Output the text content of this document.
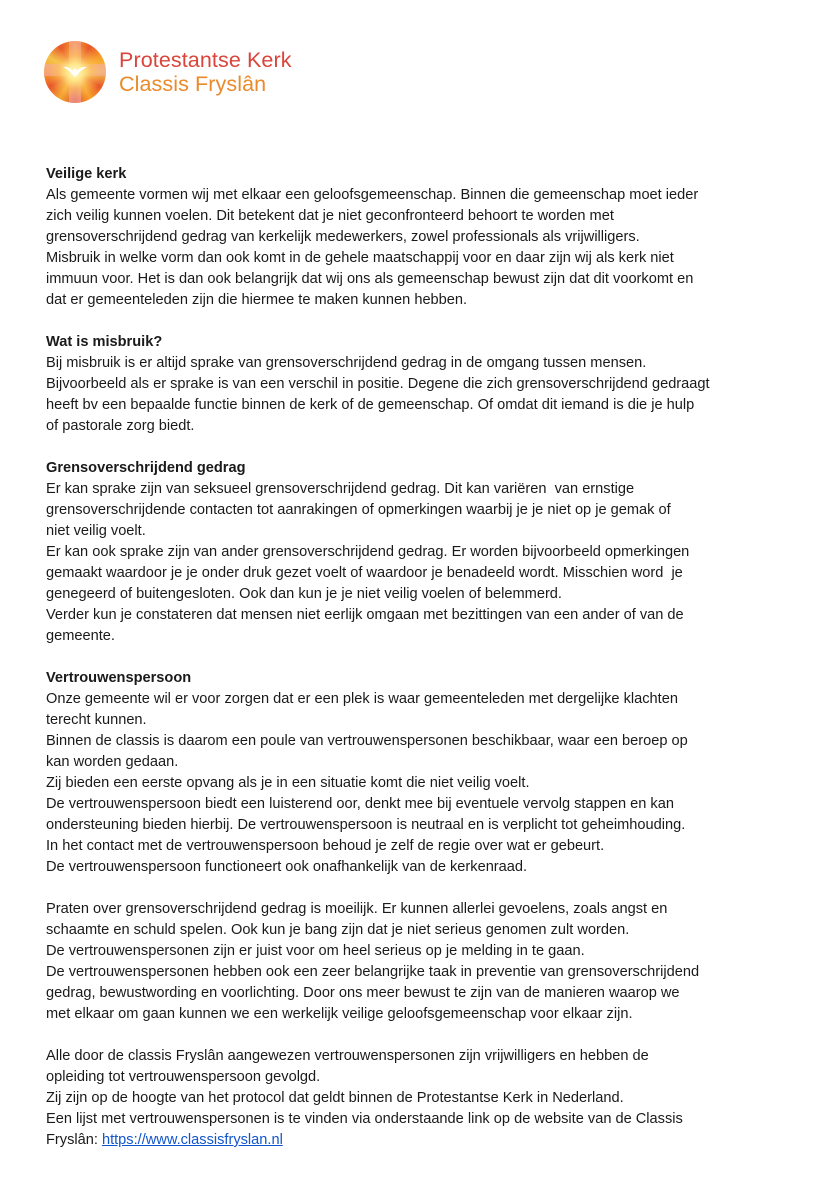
Protestantse Kerk
Classis Fryslân
Veilige kerk
Als gemeente vormen wij met elkaar een geloofsgemeenschap. Binnen die gemeenschap moet ieder
zich veilig kunnen voelen. Dit betekent dat je niet geconfronteerd behoort te worden met
grensoverschrijdend gedrag van kerkelijk medewerkers, zowel professionals als vrijwilligers.
Misbruik in welke vorm dan ook komt in de gehele maatschappij voor en daar zijn wij als kerk niet
immuun voor. Het is dan ook belangrijk dat wij ons als gemeenschap bewust zijn dat dit voorkomt en
dat er gemeenteleden zijn die hiermee te maken kunnen hebben.
Wat is misbruik?
Bij misbruik is er altijd sprake van grensoverschrijdend gedrag in de omgang tussen mensen.
Bijvoorbeeld als er sprake is van een verschil in positie. Degene die zich grensoverschrijdend gedraagt
heeft bv een bepaalde functie binnen de kerk of de gemeenschap. Of omdat dit iemand is die je hulp
of pastorale zorg biedt.
Grensoverschrijdend gedrag
Er kan sprake zijn van seksueel grensoverschrijdend gedrag. Dit kan variëren  van ernstige
grensoverschrijdende contacten tot aanrakingen of opmerkingen waarbij je je niet op je gemak of
niet veilig voelt.
Er kan ook sprake zijn van ander grensoverschrijdend gedrag. Er worden bijvoorbeeld opmerkingen
gemaakt waardoor je je onder druk gezet voelt of waardoor je benadeeld wordt. Misschien word  je
genegeerd of buitengesloten. Ook dan kun je je niet veilig voelen of belemmerd.
Verder kun je constateren dat mensen niet eerlijk omgaan met bezittingen van een ander of van de
gemeente.
Vertrouwenspersoon
Onze gemeente wil er voor zorgen dat er een plek is waar gemeenteleden met dergelijke klachten
terecht kunnen.
Binnen de classis is daarom een poule van vertrouwenspersonen beschikbaar, waar een beroep op
kan worden gedaan.
Zij bieden een eerste opvang als je in een situatie komt die niet veilig voelt.
De vertrouwenspersoon biedt een luisterend oor, denkt mee bij eventuele vervolg stappen en kan
ondersteuning bieden hierbij. De vertrouwenspersoon is neutraal en is verplicht tot geheimhouding.
In het contact met de vertrouwenspersoon behoud je zelf de regie over wat er gebeurt.
De vertrouwenspersoon functioneert ook onafhankelijk van de kerkenraad.
Praten over grensoverschrijdend gedrag is moeilijk. Er kunnen allerlei gevoelens, zoals angst en
schaamte en schuld spelen. Ook kun je bang zijn dat je niet serieus genomen zult worden.
De vertrouwenspersonen zijn er juist voor om heel serieus op je melding in te gaan.
De vertrouwenspersonen hebben ook een zeer belangrijke taak in preventie van grensoverschrijdend
gedrag, bewustwording en voorlichting. Door ons meer bewust te zijn van de manieren waarop we
met elkaar om gaan kunnen we een werkelijk veilige geloofsgemeenschap voor elkaar zijn.
Alle door de classis Fryslân aangewezen vertrouwenspersonen zijn vrijwilligers en hebben de
opleiding tot vertrouwenspersoon gevolgd.
Zij zijn op de hoogte van het protocol dat geldt binnen de Protestantse Kerk in Nederland.
Een lijst met vertrouwenspersonen is te vinden via onderstaande link op de website van de Classis
Fryslân: https://www.classisfryslan.nl
